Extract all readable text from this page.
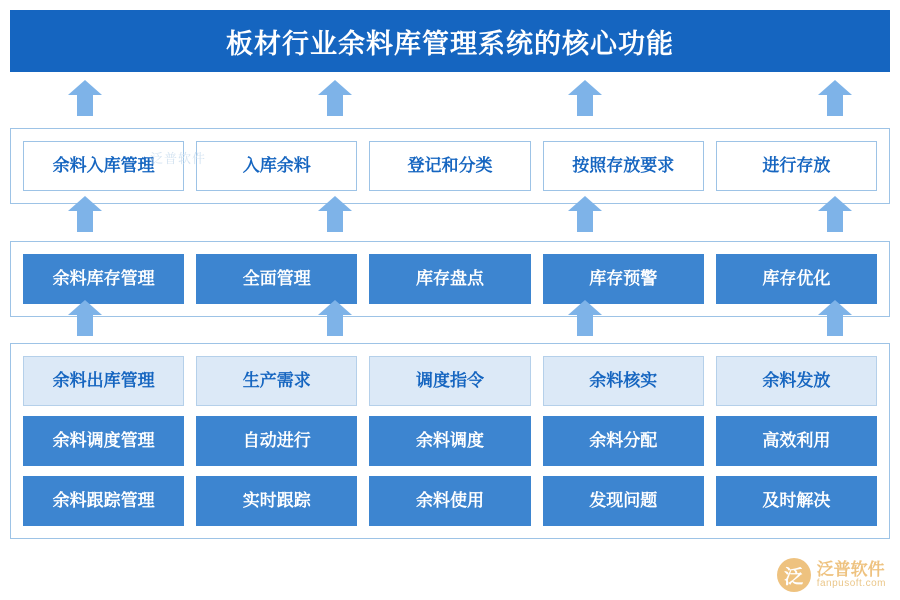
板材行业余料库管理系统的核心功能
余料入库管理	入库余料	登记和分类	按照存放要求	进行存放
余料库存管理	全面管理	库存盘点	库存预警	库存优化
余料出库管理	生产需求	调度指令	余料核实	余料发放
余料调度管理	自动进行	余料调度	余料分配	高效利用
余料跟踪管理	实时跟踪	余料使用	发现问题	及时解决
泛普软件
泛 泛普软件
fanpusoft.com
